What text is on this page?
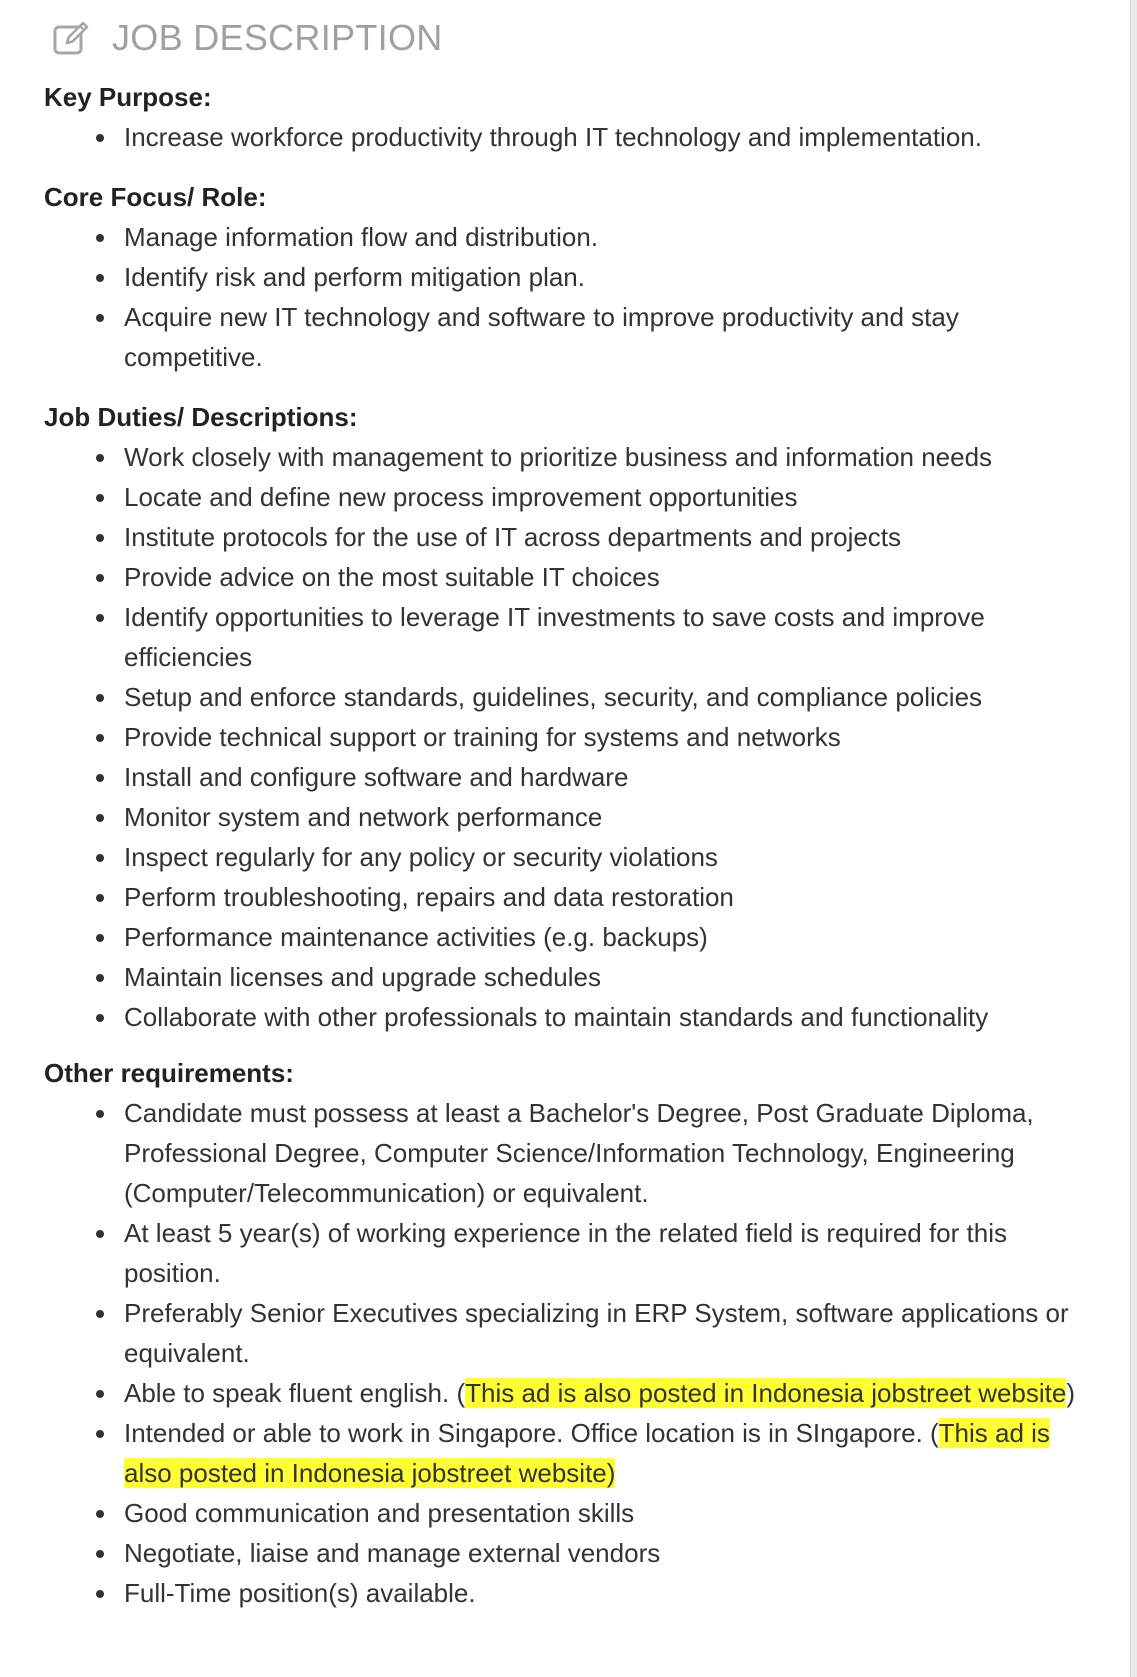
JOB DESCRIPTION

Key Purpose:

Increase workforce productivity through IT technology and implementation.

Core Focus/ Role:

Manage information flow and distribution.
Identify risk and perform mitigation plan.
Acquire new IT technology and software to improve productivity and stay competitive.

Job Duties/ Descriptions:

Work closely with management to prioritize business and information needs
Locate and define new process improvement opportunities
Institute protocols for the use of IT across departments and projects
Provide advice on the most suitable IT choices
Identify opportunities to leverage IT investments to save costs and improve efficiencies
Setup and enforce standards, guidelines, security, and compliance policies
Provide technical support or training for systems and networks
Install and configure software and hardware
Monitor system and network performance
Inspect regularly for any policy or security violations
Perform troubleshooting, repairs and data restoration
Performance maintenance activities (e.g. backups)
Maintain licenses and upgrade schedules
Collaborate with other professionals to maintain standards and functionality

Other requirements:

Candidate must possess at least a Bachelor's Degree, Post Graduate Diploma, Professional Degree, Computer Science/Information Technology, Engineering (Computer/Telecommunication) or equivalent.
At least 5 year(s) of working experience in the related field is required for this position.
Preferably Senior Executives specializing in ERP System, software applications or equivalent.
Able to speak fluent english. (This ad is also posted in Indonesia jobstreet website)
Intended or able to work in Singapore. Office location is in SIngapore. (This ad is also posted in Indonesia jobstreet website)
Good communication and presentation skills
Negotiate, liaise and manage external vendors
Full-Time position(s) available.
